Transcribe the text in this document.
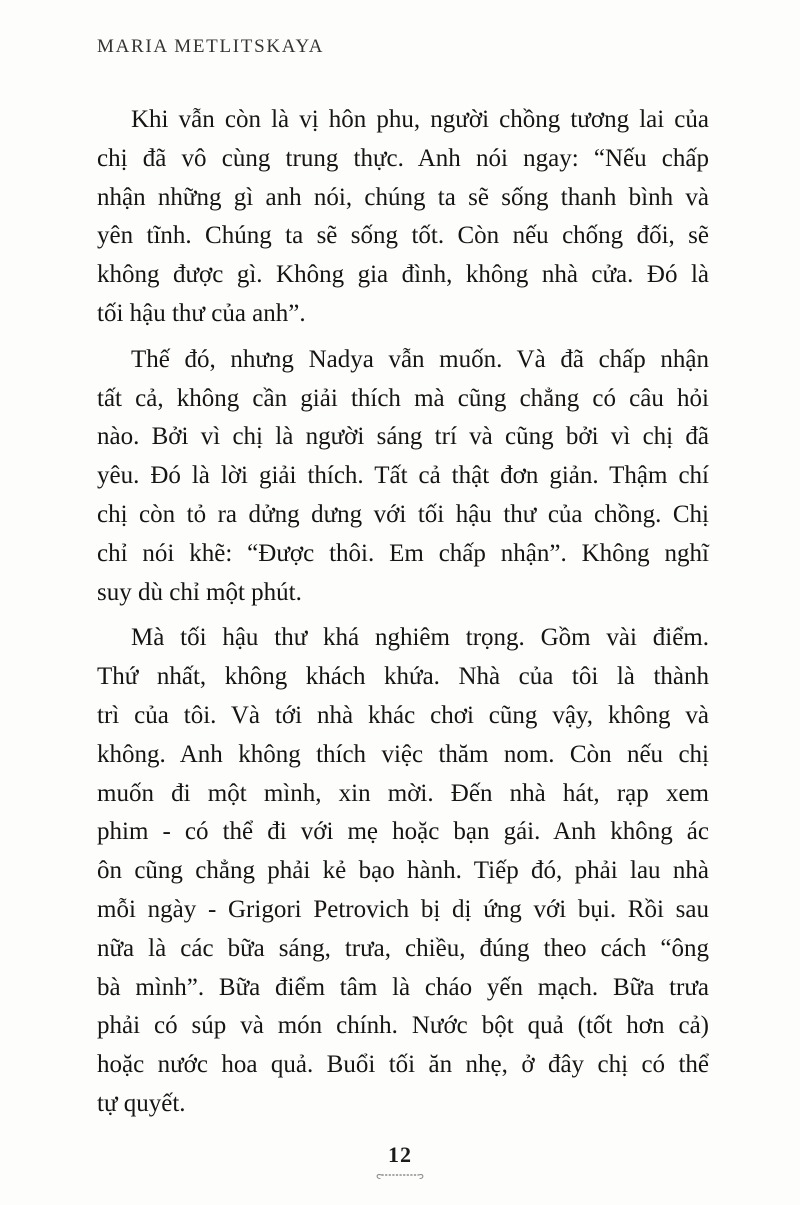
MARIA METLITSKAYA
Khi vẫn còn là vị hôn phu, người chồng tương lai của
chị đã vô cùng trung thực. Anh nói ngay: “Nếu chấp
nhận những gì anh nói, chúng ta sẽ sống thanh bình và
yên tĩnh. Chúng ta sẽ sống tốt. Còn nếu chống đối, sẽ
không được gì. Không gia đình, không nhà cửa. Đó là
tối hậu thư của anh”.
Thế đó, nhưng Nadya vẫn muốn. Và đã chấp nhận
tất cả, không cần giải thích mà cũng chẳng có câu hỏi
nào. Bởi vì chị là người sáng trí và cũng bởi vì chị đã
yêu. Đó là lời giải thích. Tất cả thật đơn giản. Thậm chí
chị còn tỏ ra dửng dưng với tối hậu thư của chồng. Chị
chỉ nói khẽ: “Được thôi. Em chấp nhận”. Không nghĩ
suy dù chỉ một phút.
Mà tối hậu thư khá nghiêm trọng. Gồm vài điểm.
Thứ nhất, không khách khứa. Nhà của tôi là thành
trì của tôi. Và tới nhà khác chơi cũng vậy, không và
không. Anh không thích việc thăm nom. Còn nếu chị
muốn đi một mình, xin mời. Đến nhà hát, rạp xem
phim - có thể đi với mẹ hoặc bạn gái. Anh không ác
ôn cũng chẳng phải kẻ bạo hành. Tiếp đó, phải lau nhà
mỗi ngày - Grigori Petrovich bị dị ứng với bụi. Rồi sau
nữa là các bữa sáng, trưa, chiều, đúng theo cách “ông
bà mình”. Bữa điểm tâm là cháo yến mạch. Bữa trưa
phải có súp và món chính. Nước bột quả (tốt hơn cả)
hoặc nước hoa quả. Buổi tối ăn nhẹ, ở đây chị có thể
tự quyết.
12
